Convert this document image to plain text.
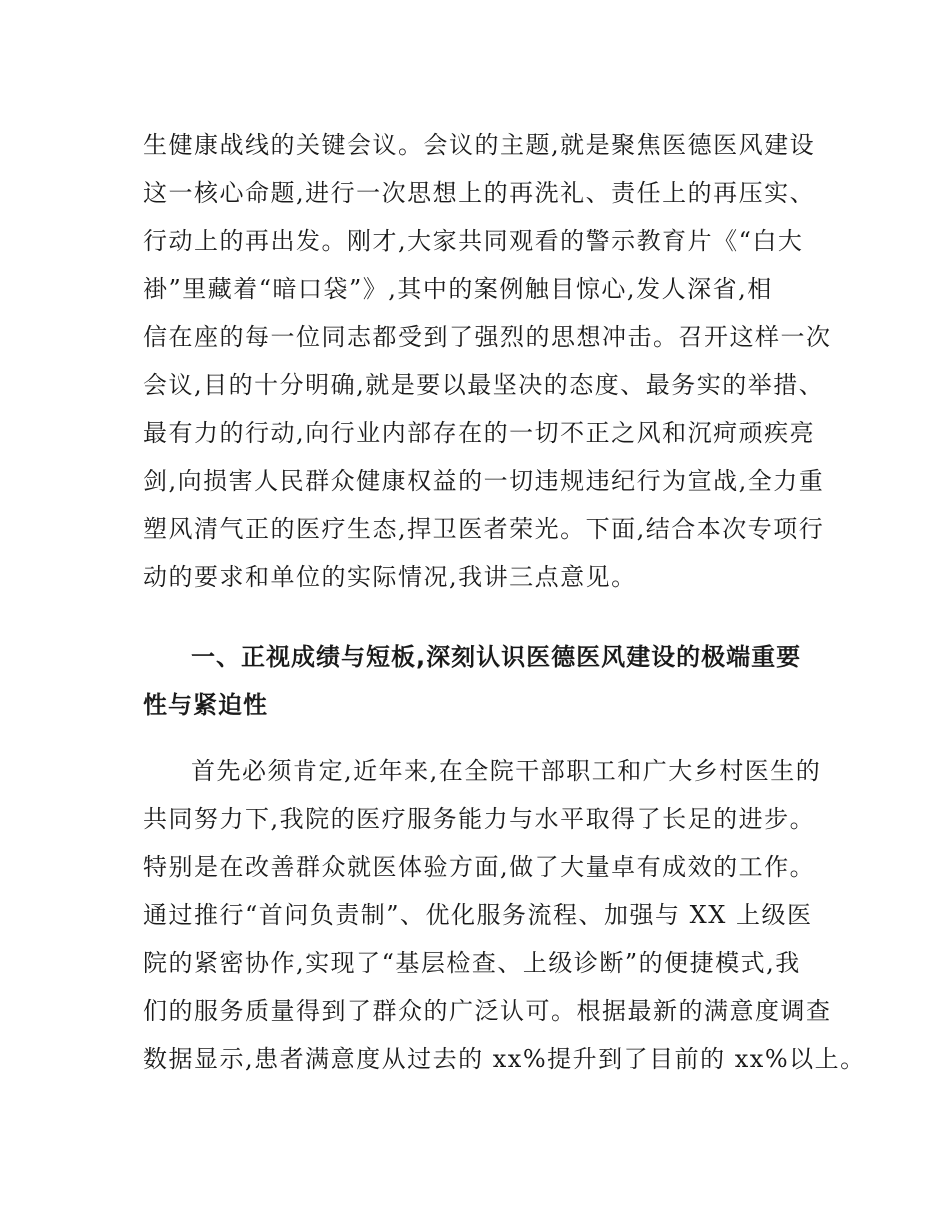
生健康战线的关键会议。会议的主题,就是聚焦医德医风建设
这一核心命题,进行一次思想上的再洗礼、责任上的再压实、
行动上的再出发。刚才,大家共同观看的警示教育片《“白大
褂”里藏着“暗口袋”》,其中的案例触目惊心,发人深省,相
信在座的每一位同志都受到了强烈的思想冲击。召开这样一次
会议,目的十分明确,就是要以最坚决的态度、最务实的举措、
最有力的行动,向行业内部存在的一切不正之风和沉疴顽疾亮
剑,向损害人民群众健康权益的一切违规违纪行为宣战,全力重
塑风清气正的医疗生态,捍卫医者荣光。下面,结合本次专项行
动的要求和单位的实际情况,我讲三点意见。
一、正视成绩与短板,深刻认识医德医风建设的极端重要
性与紧迫性
首先必须肯定,近年来,在全院干部职工和广大乡村医生的
共同努力下,我院的医疗服务能力与水平取得了长足的进步。
特别是在改善群众就医体验方面,做了大量卓有成效的工作。
通过推行“首问负责制”、优化服务流程、加强与 XX 上级医
院的紧密协作,实现了“基层检查、上级诊断”的便捷模式,我
们的服务质量得到了群众的广泛认可。根据最新的满意度调查
数据显示,患者满意度从过去的 xx%提升到了目前的 xx%以上。
